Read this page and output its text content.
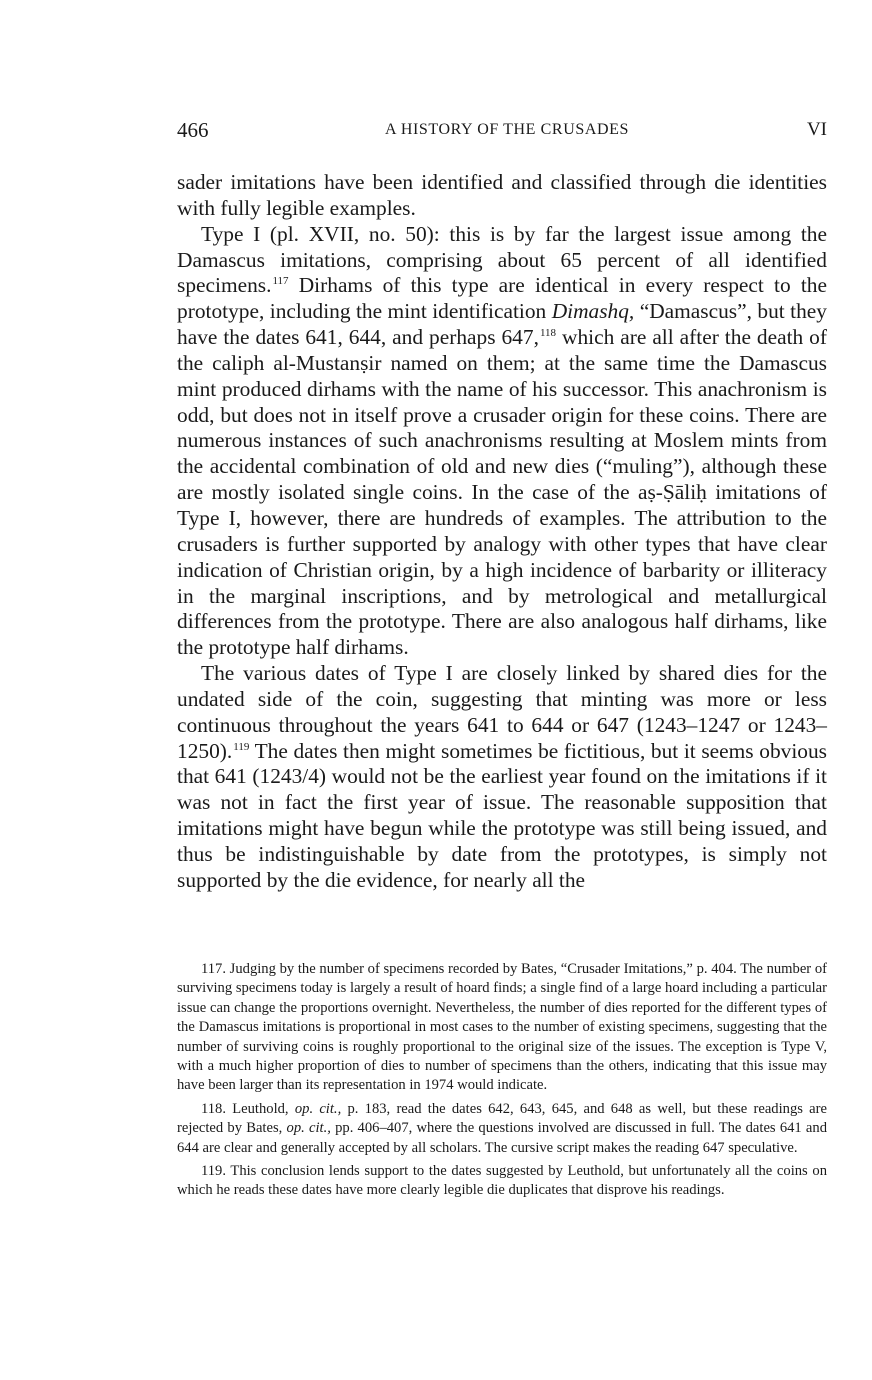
466	A HISTORY OF THE CRUSADES	VI

sader imitations have been identified and classified through die identities with fully legible examples.

Type I (pl. XVII, no. 50): this is by far the largest issue among the Damascus imitations, comprising about 65 percent of all identified specimens.$^{117}$ Dirhams of this type are identical in every respect to the prototype, including the mint identification Dimashq, “Damascus”, but they have the dates 641, 644, and perhaps 647,$^{118}$ which are all after the death of the caliph al-Mustanṣir named on them; at the same time the Damascus mint produced dirhams with the name of his successor. This anachronism is odd, but does not in itself prove a crusader origin for these coins. There are numerous instances of such anachronisms resulting at Moslem mints from the accidental combination of old and new dies (“muling”), although these are mostly isolated single coins. In the case of the aṣ-Ṣāliḥ imitations of Type I, however, there are hundreds of examples. The attribution to the crusaders is further supported by analogy with other types that have clear indication of Christian origin, by a high incidence of barbarity or illiteracy in the marginal inscriptions, and by metrological and metallurgical differences from the prototype. There are also analogous half dirhams, like the prototype half dirhams.

The various dates of Type I are closely linked by shared dies for the undated side of the coin, suggesting that minting was more or less continuous throughout the years 641 to 644 or 647 (1243–1247 or 1243–1250).$^{119}$ The dates then might sometimes be fictitious, but it seems obvious that 641 (1243/4) would not be the earliest year found on the imitations if it was not in fact the first year of issue. The reasonable supposition that imitations might have begun while the prototype was still being issued, and thus be indistinguishable by date from the prototypes, is simply not supported by the die evidence, for nearly all the

117. Judging by the number of specimens recorded by Bates, “Crusader Imitations,” p. 404. The number of surviving specimens today is largely a result of hoard finds; a single find of a large hoard including a particular issue can change the proportions overnight. Nevertheless, the number of dies reported for the different types of the Damascus imitations is proportional in most cases to the number of existing specimens, suggesting that the number of surviving coins is roughly proportional to the original size of the issues. The exception is Type V, with a much higher proportion of dies to number of specimens than the others, indicating that this issue may have been larger than its representation in 1974 would indicate.

118. Leuthold, op. cit., p. 183, read the dates 642, 643, 645, and 648 as well, but these readings are rejected by Bates, op. cit., pp. 406–407, where the questions involved are discussed in full. The dates 641 and 644 are clear and generally accepted by all scholars. The cursive script makes the reading 647 speculative.

119. This conclusion lends support to the dates suggested by Leuthold, but unfortunately all the coins on which he reads these dates have more clearly legible die duplicates that disprove his readings.
